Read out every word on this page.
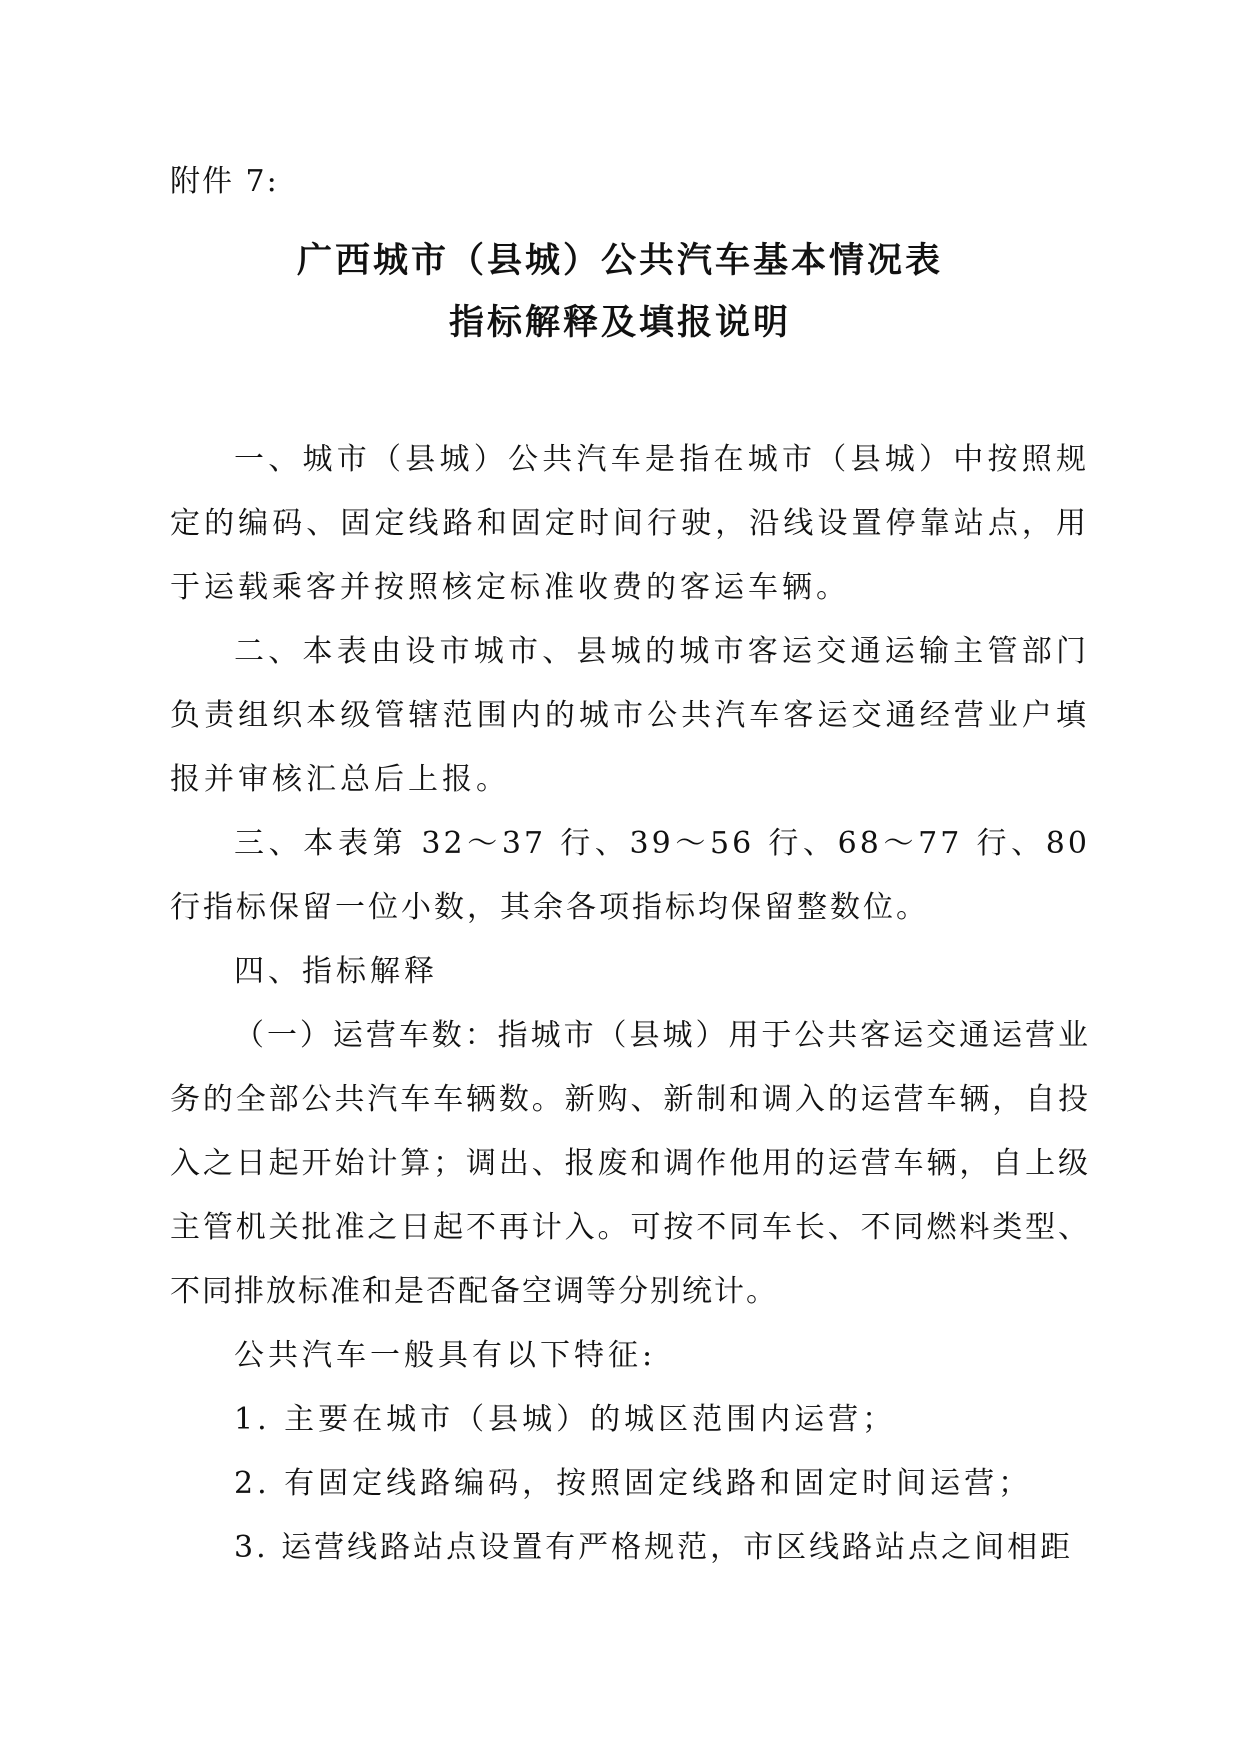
附件 7:
广西城市（县城）公共汽车基本情况表
指标解释及填报说明

一、城市（县城）公共汽车是指在城市（县城）中按照规定的编码、固定线路和固定时间行驶，沿线设置停靠站点，用于运载乘客并按照核定标准收费的客运车辆。

二、本表由设市城市、县城的城市客运交通运输主管部门负责组织本级管辖范围内的城市公共汽车客运交通经营业户填报并审核汇总后上报。

三、本表第 32～37 行、39～56 行、68～77 行、80 行指标保留一位小数，其余各项指标均保留整数位。

四、指标解释

（一）运营车数：指城市（县城）用于公共客运交通运营业务的全部公共汽车车辆数。新购、新制和调入的运营车辆，自投入之日起开始计算；调出、报废和调作他用的运营车辆，自上级主管机关批准之日起不再计入。可按不同车长、不同燃料类型、不同排放标准和是否配备空调等分别统计。

公共汽车一般具有以下特征:

1. 主要在城市（县城）的城区范围内运营；

2. 有固定线路编码，按照固定线路和固定时间运营；

3. 运营线路站点设置有严格规范，市区线路站点之间相距
